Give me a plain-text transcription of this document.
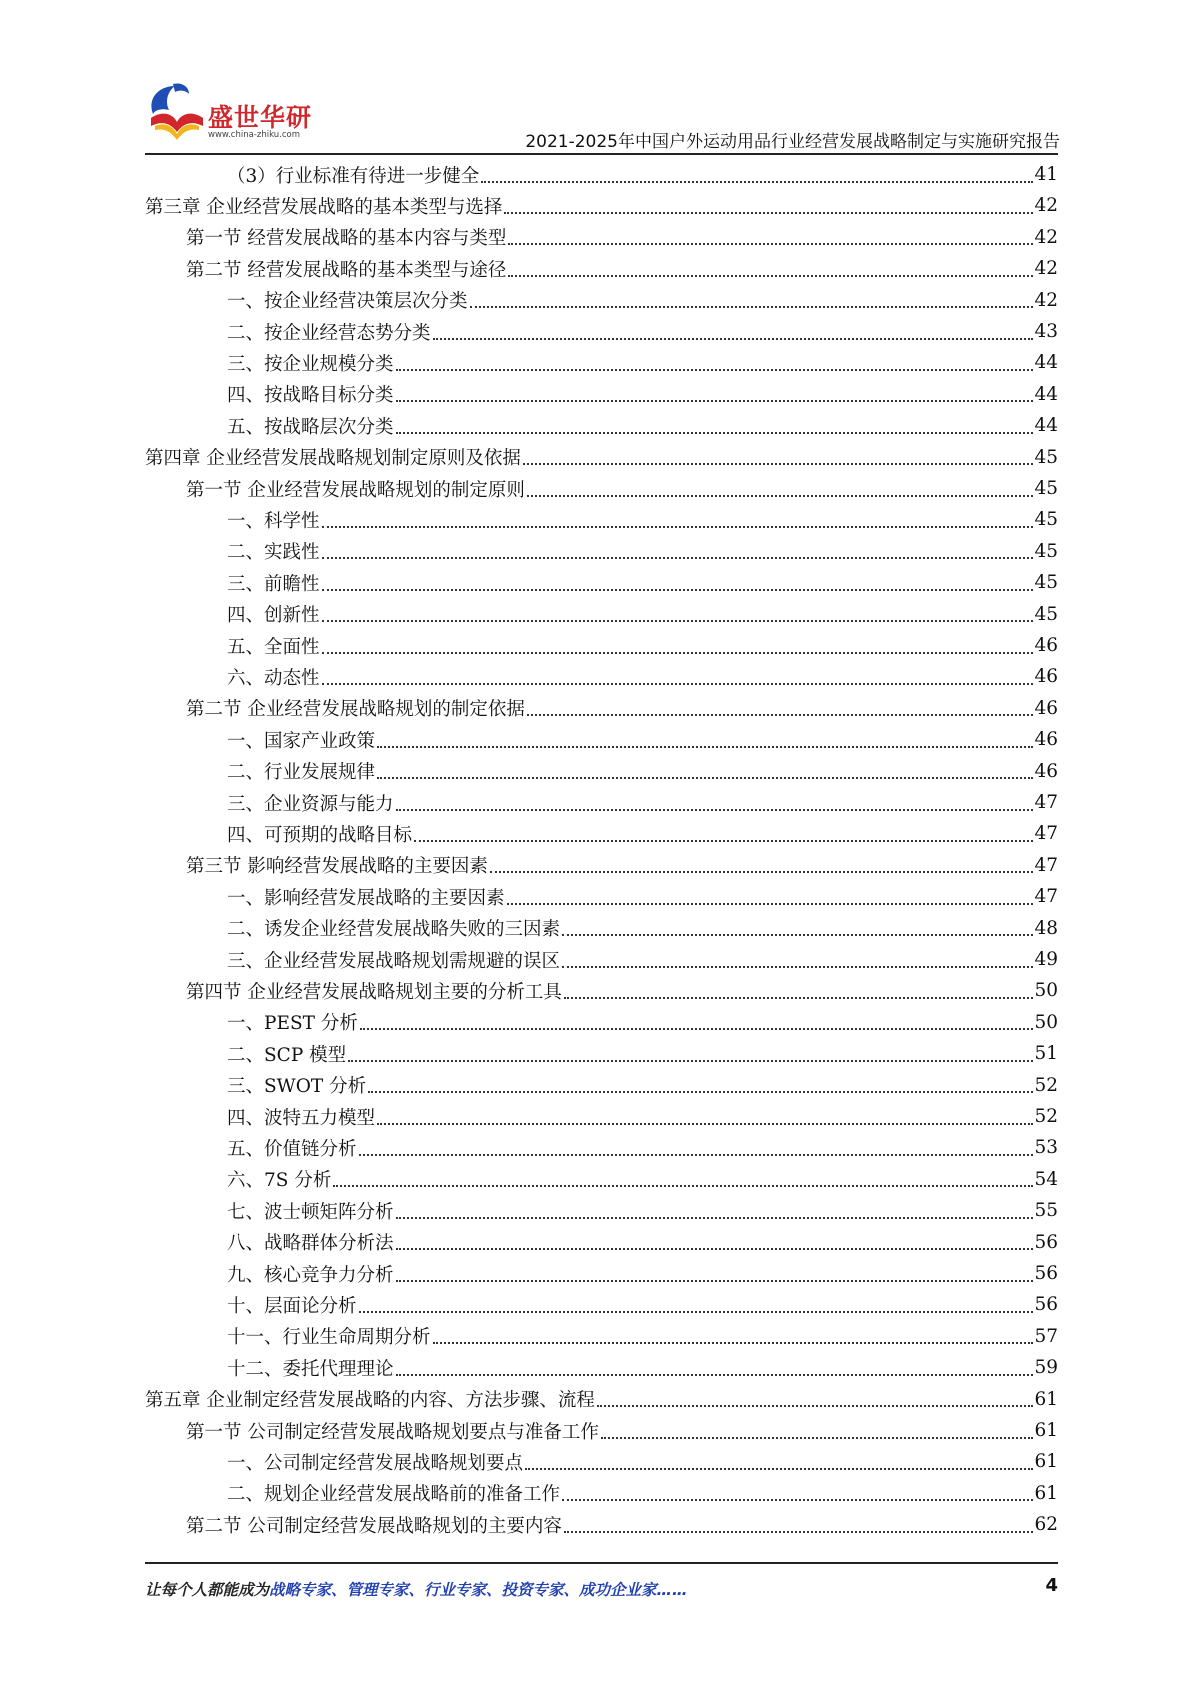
盛世华研
www.china-zhiku.com	2021-2025年中国户外运动用品行业经营发展战略制定与实施研究报告
（3）行业标准有待进一步健全	41
第三章 企业经营发展战略的基本类型与选择	42
第一节 经营发展战略的基本内容与类型	42
第二节 经营发展战略的基本类型与途径	42
一、按企业经营决策层次分类	42
二、按企业经营态势分类	43
三、按企业规模分类	44
四、按战略目标分类	44
五、按战略层次分类	44
第四章 企业经营发展战略规划制定原则及依据	45
第一节 企业经营发展战略规划的制定原则	45
一、科学性	45
二、实践性	45
三、前瞻性	45
四、创新性	45
五、全面性	46
六、动态性	46
第二节 企业经营发展战略规划的制定依据	46
一、国家产业政策	46
二、行业发展规律	46
三、企业资源与能力	47
四、可预期的战略目标	47
第三节 影响经营发展战略的主要因素	47
一、影响经营发展战略的主要因素	47
二、诱发企业经营发展战略失败的三因素	48
三、企业经营发展战略规划需规避的误区	49
第四节 企业经营发展战略规划主要的分析工具	50
一、PEST 分析	50
二、SCP 模型	51
三、SWOT 分析	52
四、波特五力模型	52
五、价值链分析	53
六、7S 分析	54
七、波士顿矩阵分析	55
八、战略群体分析法	56
九、核心竞争力分析	56
十、层面论分析	56
十一、行业生命周期分析	57
十二、委托代理理论	59
第五章 企业制定经营发展战略的内容、方法步骤、流程	61
第一节 公司制定经营发展战略规划要点与准备工作	61
一、公司制定经营发展战略规划要点	61
二、规划企业经营发展战略前的准备工作	61
第二节 公司制定经营发展战略规划的主要内容	62
让每个人都能成为战略专家、管理专家、行业专家、投资专家、成功企业家……	4
